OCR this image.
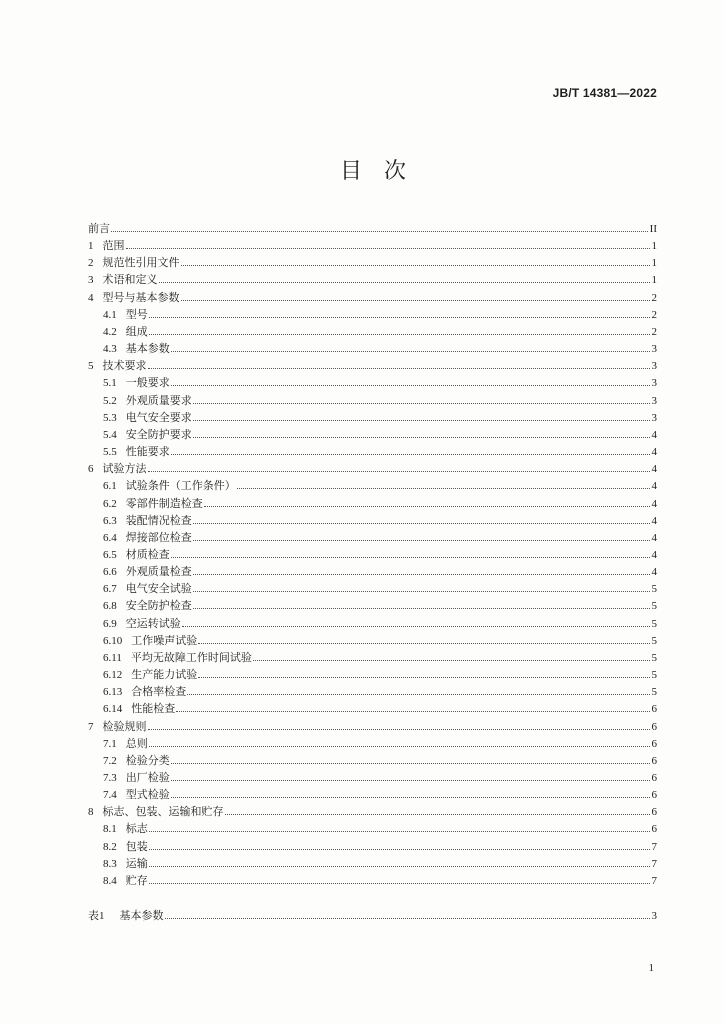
JB/T 14381—2022
目　次
前言	II
1 范围	1
2 规范性引用文件	1
3 术语和定义	1
4 型号与基本参数	2
4.1 型号	2
4.2 组成	2
4.3 基本参数	3
5 技术要求	3
5.1 一般要求	3
5.2 外观质量要求	3
5.3 电气安全要求	3
5.4 安全防护要求	4
5.5 性能要求	4
6 试验方法	4
6.1 试验条件（工作条件）	4
6.2 零部件制造检查	4
6.3 装配情况检查	4
6.4 焊接部位检查	4
6.5 材质检查	4
6.6 外观质量检查	4
6.7 电气安全试验	5
6.8 安全防护检查	5
6.9 空运转试验	5
6.10 工作噪声试验	5
6.11 平均无故障工作时间试验	5
6.12 生产能力试验	5
6.13 合格率检查	5
6.14 性能检查	6
7 检验规则	6
7.1 总则	6
7.2 检验分类	6
7.3 出厂检验	6
7.4 型式检验	6
8 标志、包装、运输和贮存	6
8.1 标志	6
8.2 包装	7
8.3 运输	7
8.4 贮存	7
表1 基本参数	3
1
